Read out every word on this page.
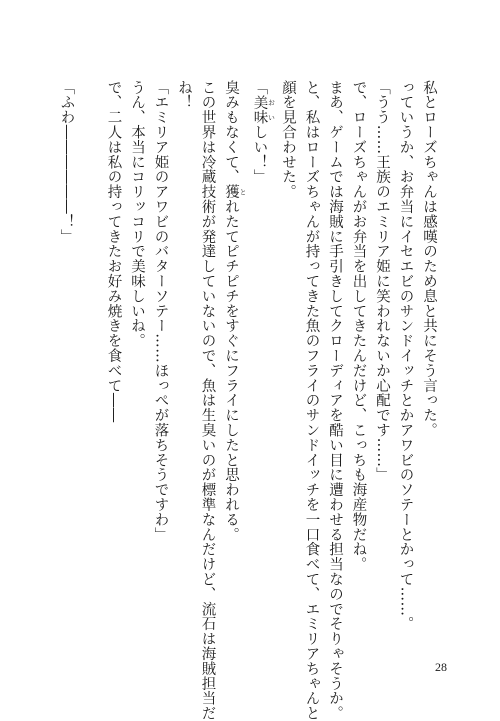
私とローズちゃんは感嘆のため息と共にそう言った。
っていうか、お弁当にイセエビのサンドイッチとかアワビのソテーとかって……。
「うう……王族のエミリア姫に笑われないか心配です……」
で、ローズちゃんがお弁当を出してきたんだけど、こっちも海産物だね。
まあ、ゲームでは海賊に手引きしてクローディアを酷い目に遭わせる担当なのでそりゃそうか。
と、私はローズちゃんが持ってきた魚のフライのサンドイッチを一口食べて、エミリアちゃんと
顔を見合わせた。
「美味 おいしい！」
臭みもなくて、獲 とれたてピチピチをすぐにフライにしたと思われる。
この世界は冷蔵技術が発達していないので、魚は生臭いのが標準なんだけど、流石は海賊担当だ
ね！
「エミリア姫のアワビのバターソテー……ほっぺが落ちそうですわ」
うん、本当にコリッコリで美味しいね。
で、二人は私の持ってきたお好み焼きを食べて――

「ふわ――――――！」
28
